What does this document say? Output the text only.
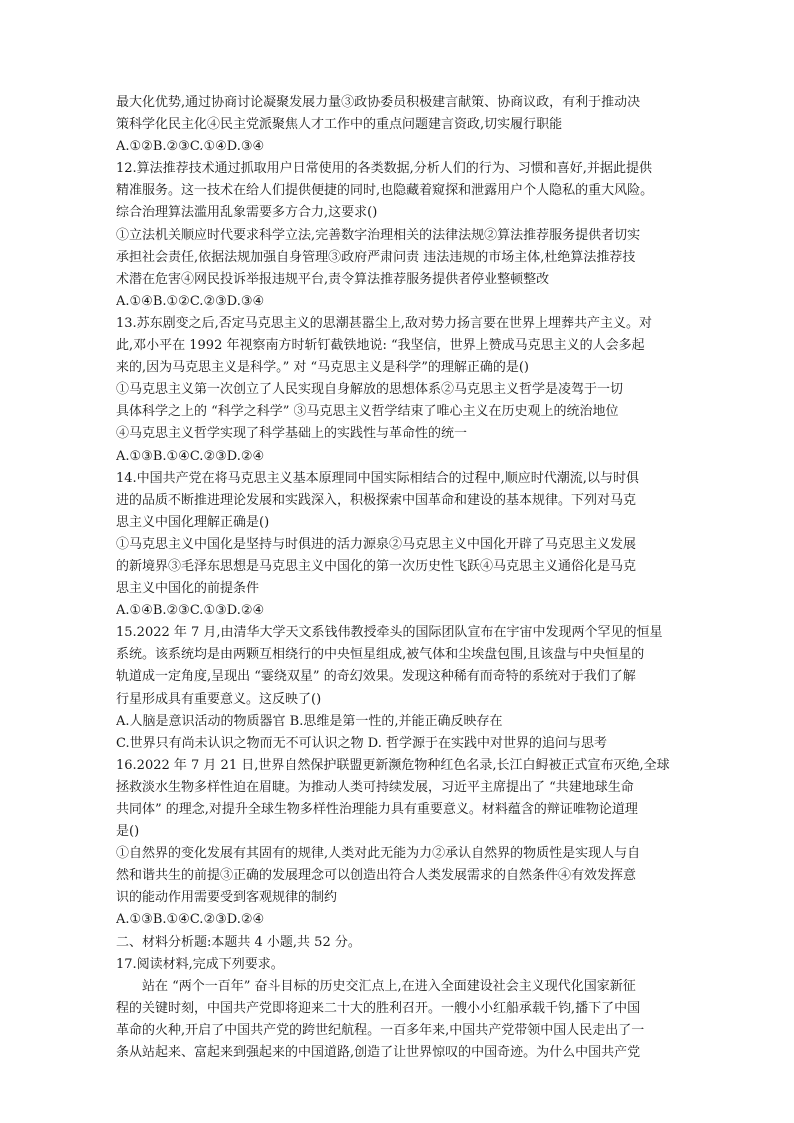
最大化优势,通过协商讨论凝聚发展力量③政协委员积极建言献策、协商议政，有利于推动决
策科学化民主化④民主党派聚焦人才工作中的重点问题建言资政,切实履行职能
A.①②B.②③C.①④D.③④
12.算法推荐技术通过抓取用户日常使用的各类数据,分析人们的行为、习惯和喜好,并据此提供
精准服务。这一技术在给人们提供便捷的同时,也隐藏着窥探和泄露用户个人隐私的重大风险。
综合治理算法滥用乱象需要多方合力,这要求()
①立法机关顺应时代要求科学立法,完善数字治理相关的法律法规②算法推荐服务提供者切实
承担社会责任,依据法规加强自身管理③政府严肃问责 违法违规的市场主体,杜绝算法推荐技
术潜在危害④网民投诉举报违规平台,责令算法推荐服务提供者停业整顿整改
A.①④B.①②C.②③D.③④
13.苏东剧变之后,否定马克思主义的思潮甚嚣尘上,敌对势力扬言要在世界上埋葬共产主义。对
此,邓小平在 1992 年视察南方时斩钉截铁地说: “我坚信，世界上赞成马克思主义的人会多起
来的,因为马克思主义是科学。” 对 “马克思主义是科学”的理解正确的是()
①马克思主义第一次创立了人民实现自身解放的思想体系②马克思主义哲学是凌驾于一切
具体科学之上的 “科学之科学” ③马克思主义哲学结束了唯心主义在历史观上的统治地位
④马克思主义哲学实现了科学基础上的实践性与革命性的统一
A.①③B.①④C.②③D.②④
14.中国共产党在将马克思主义基本原理同中国实际相结合的过程中,顺应时代潮流,以与时俱
进的品质不断推进理论发展和实践深入，积极探索中国革命和建设的基本规律。下列对马克
思主义中国化理解正确是()
①马克思主义中国化是坚持与时俱进的活力源泉②马克思主义中国化开辟了马克思主义发展
的新境界③毛泽东思想是马克思主义中国化的第一次历史性飞跃④马克思主义通俗化是马克
思主义中国化的前提条件
A.①④B.②③C.①③D.②④
15.2022 年 7 月,由清华大学天文系钱伟教授牵头的国际团队宣布在宇宙中发现两个罕见的恒星
系统。该系统均是由两颗互相绕行的中央恒星组成,被气体和尘埃盘包围,且该盘与中央恒星的
轨道成一定角度,呈现出 “霎绕双星” 的奇幻效果。发现这种稀有而奇特的系统对于我们了解
行星形成具有重要意义。这反映了()
A.人脑是意识活动的物质器官 B.思维是第一性的,并能正确反映存在
C.世界只有尚未认识之物而无不可认识之物 D. 哲学源于在实践中对世界的追问与思考
16.2022 年 7 月 21 日,世界自然保护联盟更新濒危物种红色名录,长江白鲟被正式宣布灭绝,全球
拯救淡水生物多样性迫在眉睫。为推动人类可持续发展，习近平主席提出了 “共建地球生命
共同体” 的理念,对提升全球生物多样性治理能力具有重要意义。材料蕴含的辩证唯物论道理
是()
①自然界的变化发展有其固有的规律,人类对此无能为力②承认自然界的物质性是实现人与自
然和谐共生的前提③正确的发展理念可以创造出符合人类发展需求的自然条件④有效发挥意
识的能动作用需要受到客观规律的制约
A.①③B.①④C.②③D.②④
二、材料分析题:本题共 4 小题,共 52 分。
17.阅读材料,完成下列要求。
站在 “两个一百年” 奋斗目标的历史交汇点上,在进入全面建设社会主义现代化国家新征
程的关键时刻，中国共产党即将迎来二十大的胜利召开。一艘小小红船承载千钧,播下了中国
革命的火种,开启了中国共产党的跨世纪航程。一百多年来,中国共产党带领中国人民走出了一
条从站起来、富起来到强起来的中国道路,创造了让世界惊叹的中国奇迹。为什么中国共产党
